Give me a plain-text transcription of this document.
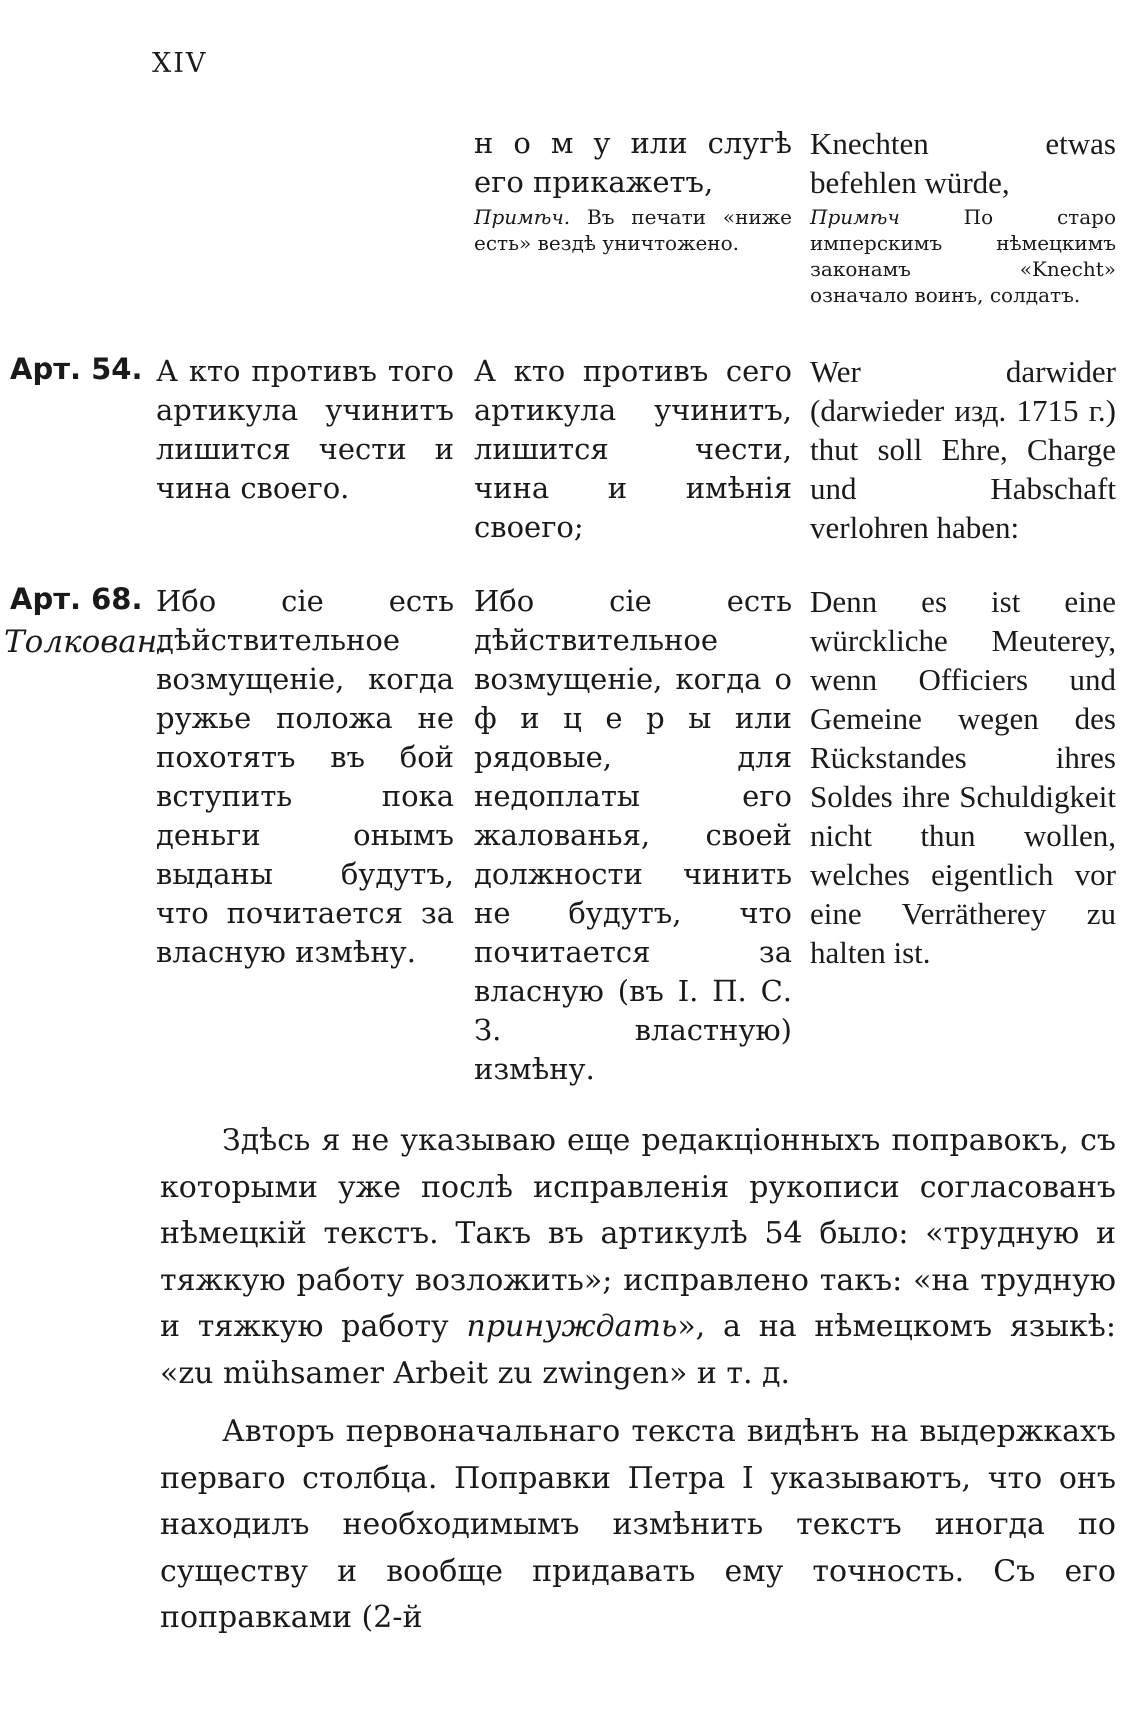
XIV
н о м у или слугѣ его прикажетъ,
Примѣч. Въ печати «ниже есть» вездѣ уничтожено.
Knechten etwas befehlen würde,
Примѣч	По старо имперскимъ нѣмецкимъ законамъ «Knecht» означало воинъ, солдатъ.
Арт. 54. А кто противъ того артикула учинитъ лишится чести и чина своего.
А кто противъ сего артикула учинитъ, лишится чести, чина и имѣнія своего;
Wer darwider (darwieder изд. 1715 г.) thut soll Ehre, Charge und Habschaft verlohren haben:
Арт. 68.
Толкован.
Ибо сіе есть дѣйствительное возмущеніе, когда ружье положа не похотятъ въ бой вступить пока деньги онымъ выданы будутъ, что почитается за власную измѣну.
Ибо сіе есть дѣйствительное возмущеніе, когда о ф и ц е р ы или рядовые, для недоплаты его жалованья, своей должности чинить не будутъ, что почитается за власную (въ І. П. С. З. властную) измѣну.
Denn es ist eine würckliche Meuterey, wenn Officiers und Gemeine wegen des Rückstandes ihres Soldes ihre Schuldigkeit nicht thun wollen, welches eigentlich vor eine Verrätherey zu halten ist.

Здѣсь я не указываю еще редакціонныхъ поправокъ, съ которыми уже послѣ исправленія рукописи согласованъ нѣмецкій текстъ. Такъ въ артикулѣ 54 было: «трудную и тяжкую работу возложить»; исправлено такъ: «на трудную и тяжкую работу принуждать», а на нѣмецкомъ языкѣ: «zu mühsamer Arbeit zu zwingen» и т. д.

Авторъ первоначальнаго текста видѣнъ на выдержкахъ перваго столбца. Поправки Петра I указываютъ, что онъ находилъ необходимымъ измѣнить текстъ иногда по существу и вообще придавать ему точность. Съ его поправками (2-й
